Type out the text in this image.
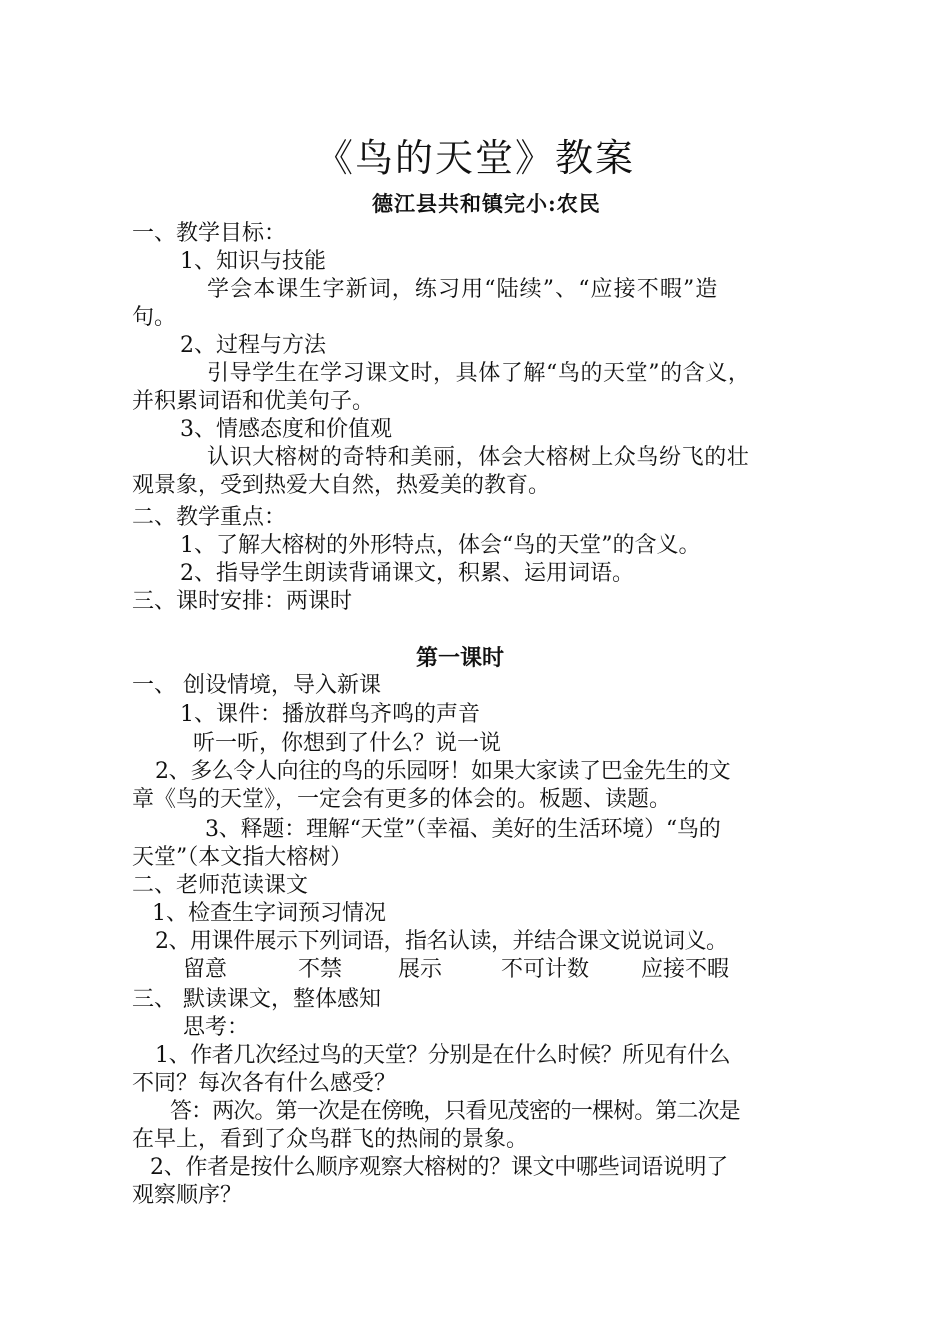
《鸟的天堂》教案
德江县共和镇完小:农民
一、教学目标：
1、知识与技能
学会本课生字新词，练习用“陆续”、“应接不暇”造
句。
2、过程与方法
引导学生在学习课文时，具体了解“鸟的天堂”的含义，
并积累词语和优美句子。
3、情感态度和价值观
认识大榕树的奇特和美丽，体会大榕树上众鸟纷飞的壮
观景象，受到热爱大自然，热爱美的教育。
二、教学重点：
1、了解大榕树的外形特点，体会“鸟的天堂”的含义。
2、指导学生朗读背诵课文，积累、运用词语。
三、课时安排：两课时
第一课时
一、 创设情境，导入新课
1、课件：播放群鸟齐鸣的声音
听一听，你想到了什么？说一说
2、多么令人向往的鸟的乐园呀！如果大家读了巴金先生的文
章《鸟的天堂》，一定会有更多的体会的。板题、读题。
3、释题：理解“天堂”（幸福、美好的生活环境）“鸟的
天堂”（本文指大榕树）
二、老师范读课文
1、检查生字词预习情况
2、用课件展示下列词语，指名认读，并结合课文说说词义。
留意	不禁	展示	不可计数 应接不暇
三、 默读课文，整体感知
思考：
1、作者几次经过鸟的天堂？分别是在什么时候？所见有什么
不同？每次各有什么感受？
答：两次。第一次是在傍晚，只看见茂密的一棵树。第二次是
在早上，看到了众鸟群飞的热闹的景象。
2、作者是按什么顺序观察大榕树的？课文中哪些词语说明了
观察顺序？
